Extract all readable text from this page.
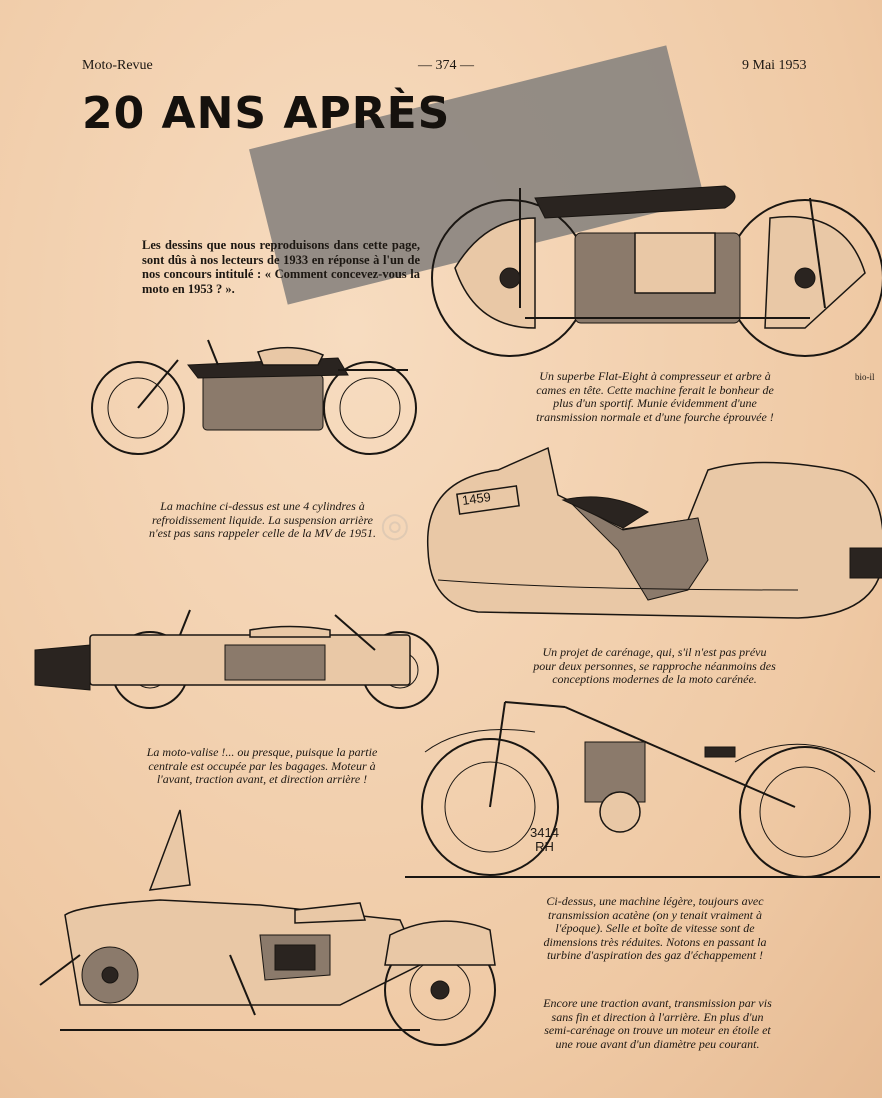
Moto-Revue	— 374 —	9 Mai 1953
20 ANS APRÈS
Les dessins que nous reproduisons dans cette page, sont dûs à nos lecteurs de 1933 en réponse à l'un de nos concours intitulé : « Comment concevez-vous la moto en 1953 ? ».

Un superbe Flat-Eight à compresseur et arbre à cames en tête. Cette machine ferait le bonheur de plus d'un sportif. Munie évidemment d'une transmission normale et d'une fourche éprouvée !

bio-il

La machine ci-dessus est une 4 cylindres à refroidissement liquide. La suspension arrière n'est pas sans rappeler celle de la MV de 1951.

1459
◎

Un projet de carénage, qui, s'il n'est pas prévu pour deux personnes, se rapproche néanmoins des conceptions modernes de la moto carénée.

La moto-valise !... ou presque, puisque la partie centrale est occupée par les bagages. Moteur à l'avant, traction avant, et direction arrière !

3414
RH

Ci-dessus, une machine légère, toujours avec transmission acatène (on y tenait vraiment à l'époque). Selle et boîte de vitesse sont de dimensions très réduites. Notons en passant la turbine d'aspiration des gaz d'échappement !

Encore une traction avant, transmission par vis sans fin et direction à l'arrière. En plus d'un semi-carénage on trouve un moteur en étoile et une roue avant d'un diamètre peu courant.
